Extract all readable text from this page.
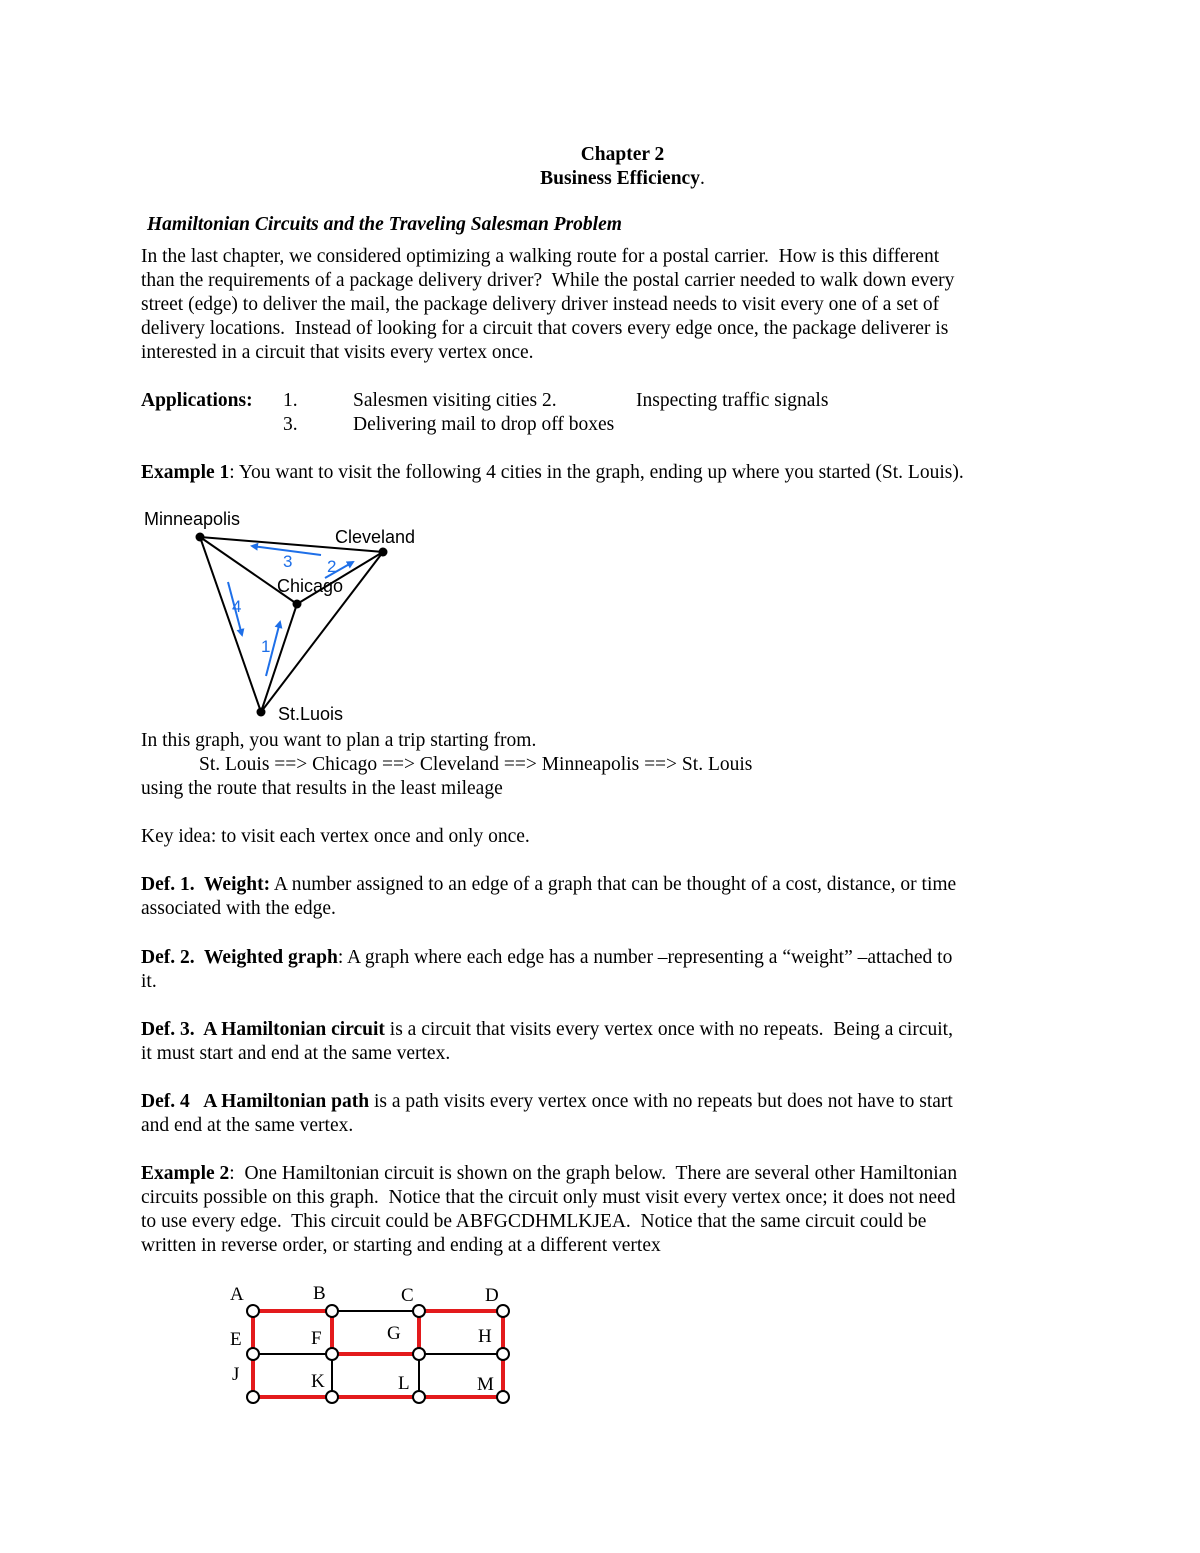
Chapter 2
Business Efficiency.
Hamiltonian Circuits and the Traveling Salesman Problem
In the last chapter, we considered optimizing a walking route for a postal carrier.  How is this different
than the requirements of a package delivery driver?  While the postal carrier needed to walk down every
street (edge) to deliver the mail, the package delivery driver instead needs to visit every one of a set of
delivery locations.  Instead of looking for a circuit that covers every edge once, the package deliverer is
interested in a circuit that visits every vertex once.
Applications: 1.	Salesmen visiting cities 2.	Inspecting traffic signals
3.	Delivering mail to drop off boxes
Example 1: You want to visit the following 4 cities in the graph, ending up where you started (St. Louis).
Minneapolis
Cleveland
Chicago
St.Luois
1
2
3
4
In this graph, you want to plan a trip starting from.
St. Louis ==> Chicago ==> Cleveland ==> Minneapolis ==> St. Louis
using the route that results in the least mileage
Key idea: to visit each vertex once and only once.
Def. 1.  Weight: A number assigned to an edge of a graph that can be thought of a cost, distance, or time
associated with the edge.
Def. 2.  Weighted graph: A graph where each edge has a number –representing a “weight” –attached to
it.
Def. 3.  A Hamiltonian circuit is a circuit that visits every vertex once with no repeats.  Being a circuit,
it must start and end at the same vertex.
Def. 4   A Hamiltonian path is a path visits every vertex once with no repeats but does not have to start
and end at the same vertex.
Example 2:  One Hamiltonian circuit is shown on the graph below.  There are several other Hamiltonian
circuits possible on this graph.  Notice that the circuit only must visit every vertex once; it does not need
to use every edge.  This circuit could be ABFGCDHMLKJEA.  Notice that the same circuit could be
written in reverse order, or starting and ending at a different vertex
A	B	C	D
E	F	G	H
J	K	L	M
